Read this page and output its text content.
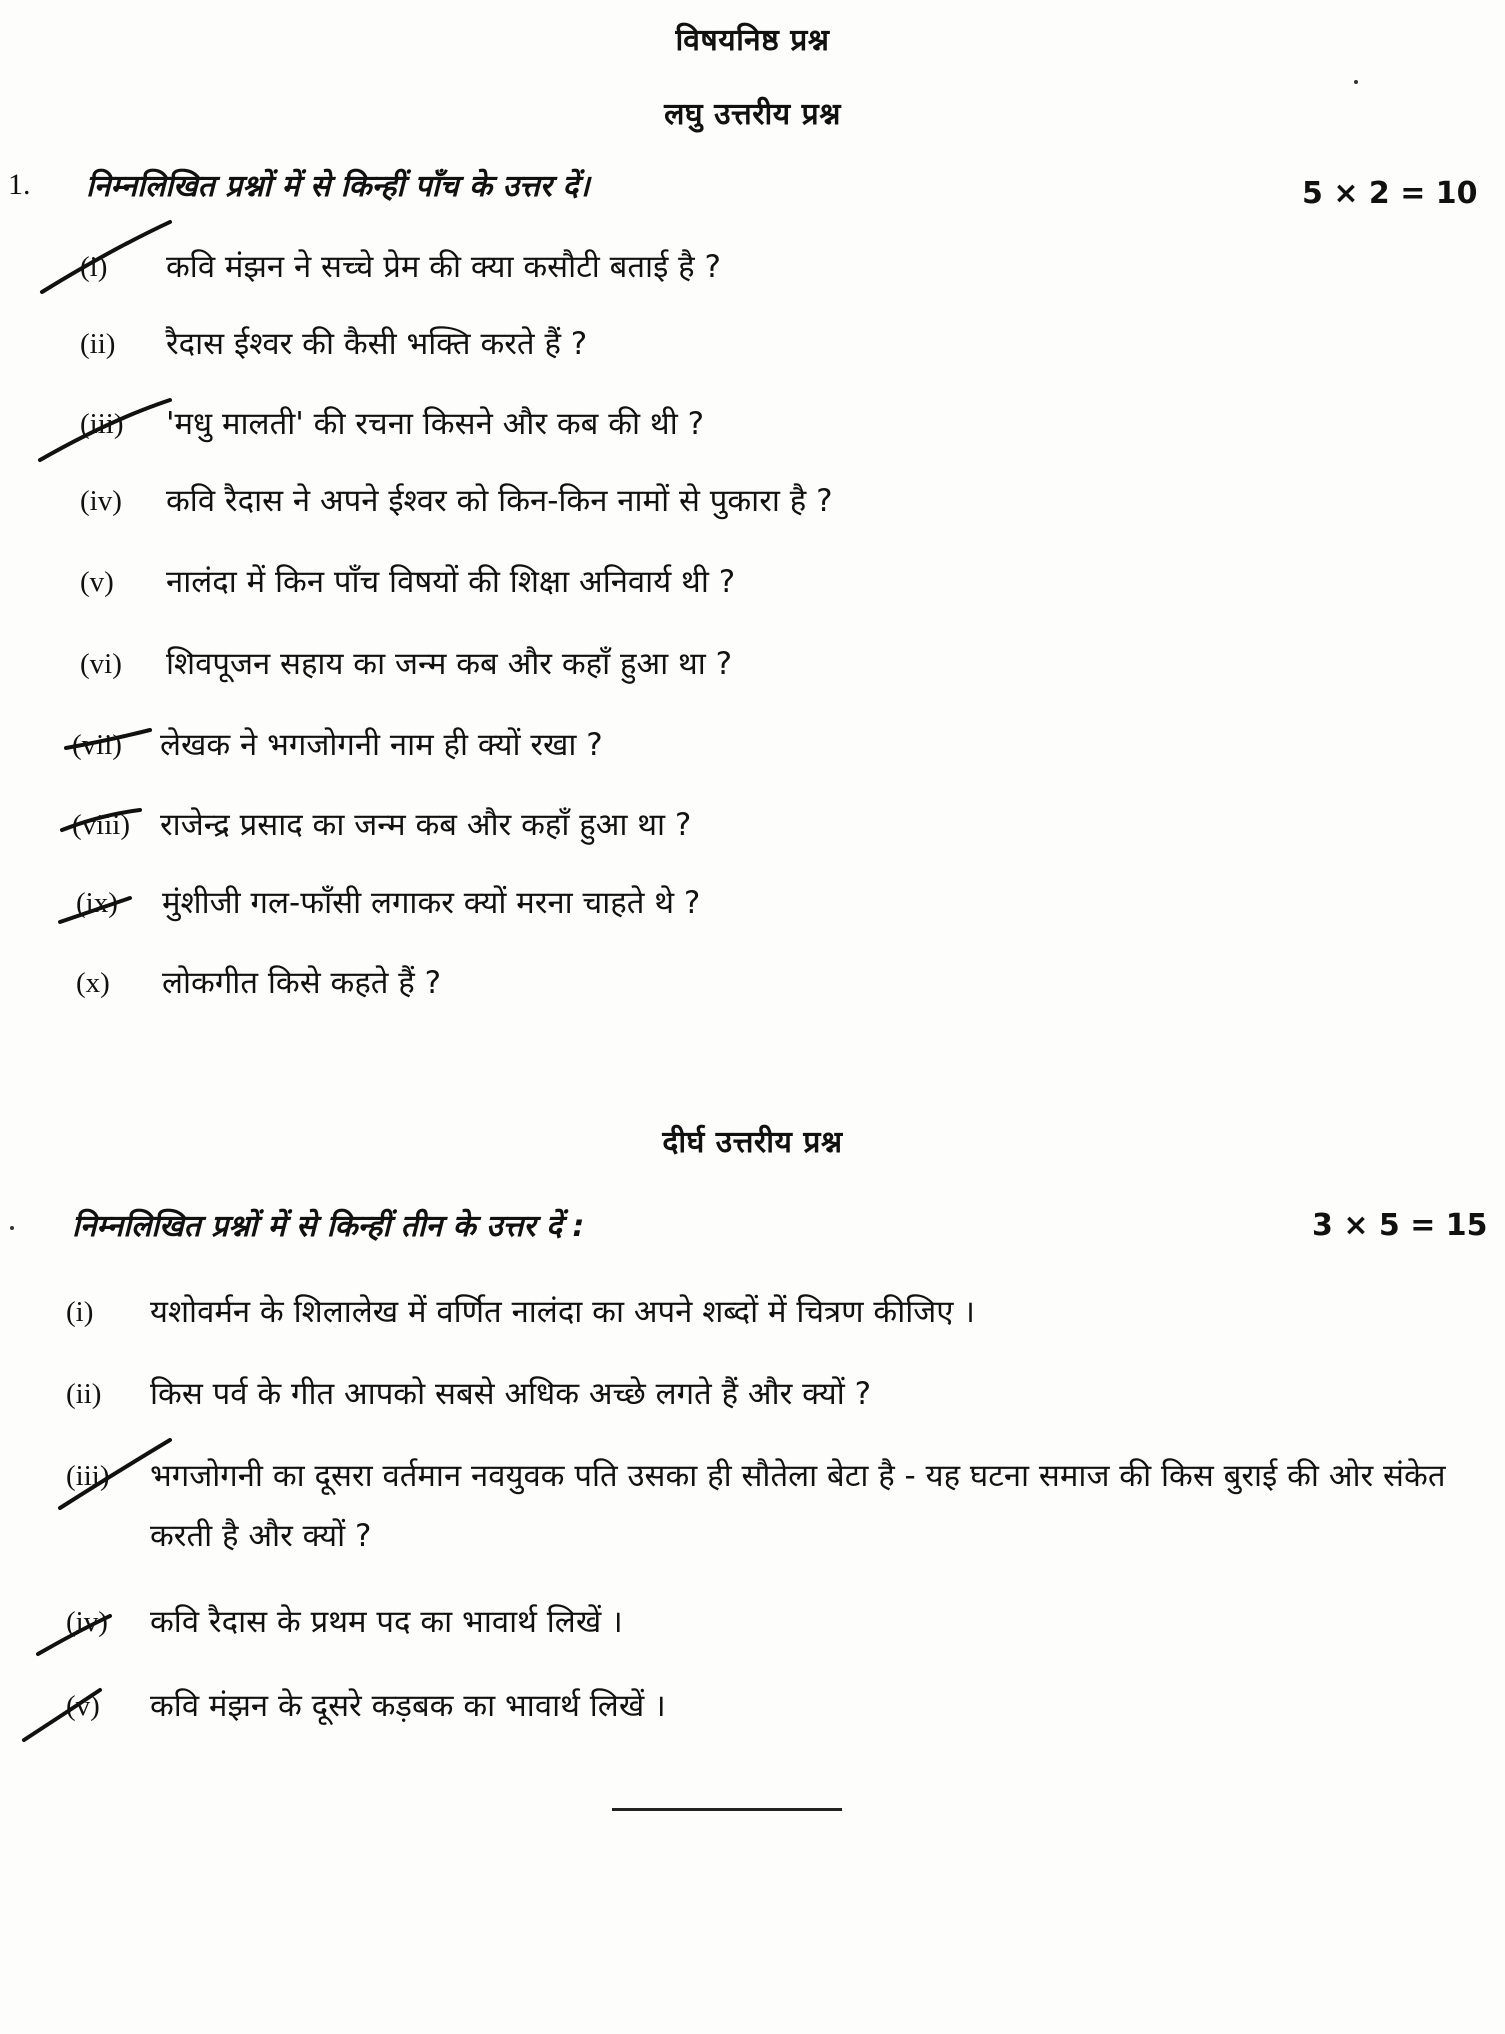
विषयनिष्ठ प्रश्न
लघु उत्तरीय प्रश्न
1. निम्नलिखित प्रश्नों में से किन्हीं पाँच के उत्तर दें।	5 × 2 = 10
(i) कवि मंझन ने सच्चे प्रेम की क्या कसौटी बताई है ?
(ii) रैदास ईश्वर की कैसी भक्ति करते हैं ?
(iii) 'मधु मालती' की रचना किसने और कब की थी ?
(iv) कवि रैदास ने अपने ईश्वर को किन-किन नामों से पुकारा है ?
(v) नालंदा में किन पाँच विषयों की शिक्षा अनिवार्य थी ?
(vi) शिवपूजन सहाय का जन्म कब और कहाँ हुआ था ?
(vii) लेखक ने भगजोगनी नाम ही क्यों रखा ?
(viii) राजेन्द्र प्रसाद का जन्म कब और कहाँ हुआ था ?
(ix) मुंशीजी गल-फाँसी लगाकर क्यों मरना चाहते थे ?
(x) लोकगीत किसे कहते हैं ?
दीर्घ उत्तरीय प्रश्न
निम्नलिखित प्रश्नों में से किन्हीं तीन के उत्तर दें :	3 × 5 = 15
(i) यशोवर्मन के शिलालेख में वर्णित नालंदा का अपने शब्दों में चित्रण कीजिए ।
(ii) किस पर्व के गीत आपको सबसे अधिक अच्छे लगते हैं और क्यों ?
(iii) भगजोगनी का दूसरा वर्तमान नवयुवक पति उसका ही सौतेला बेटा है - यह घटना समाज की किस बुराई की ओर संकेत करती है और क्यों ?
(iv) कवि रैदास के प्रथम पद का भावार्थ लिखें ।
(v) कवि मंझन के दूसरे कड़बक का भावार्थ लिखें ।
